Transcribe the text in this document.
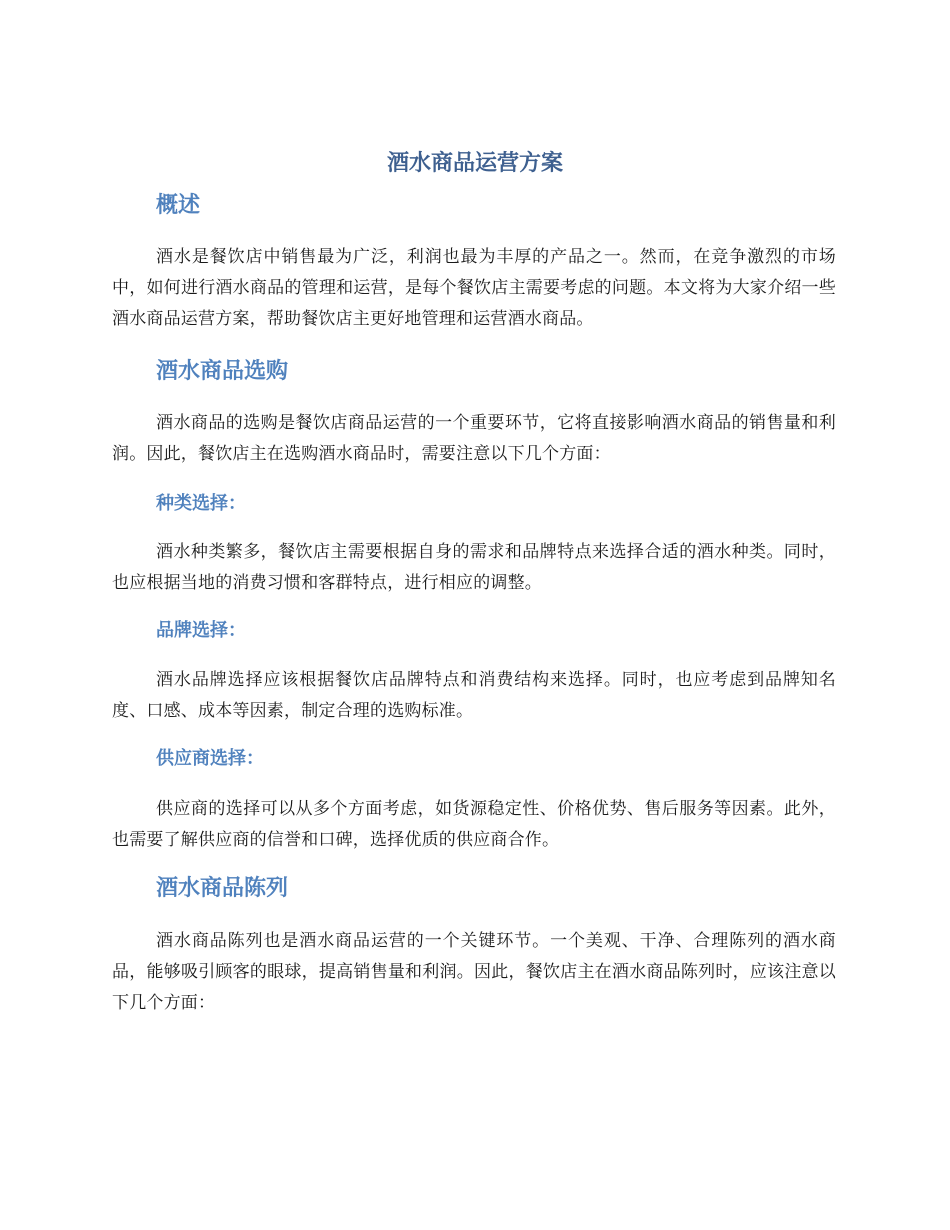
酒水商品运营方案
概述

酒水是餐饮店中销售最为广泛，利润也最为丰厚的产品之一。然而，在竞争激烈的市场中，如何进行酒水商品的管理和运营，是每个餐饮店主需要考虑的问题。本文将为大家介绍一些酒水商品运营方案，帮助餐饮店主更好地管理和运营酒水商品。

酒水商品选购

酒水商品的选购是餐饮店商品运营的一个重要环节，它将直接影响酒水商品的销售量和利润。因此，餐饮店主在选购酒水商品时，需要注意以下几个方面：

种类选择：

酒水种类繁多，餐饮店主需要根据自身的需求和品牌特点来选择合适的酒水种类。同时，也应根据当地的消费习惯和客群特点，进行相应的调整。

品牌选择：

酒水品牌选择应该根据餐饮店品牌特点和消费结构来选择。同时，也应考虑到品牌知名度、口感、成本等因素，制定合理的选购标准。

供应商选择：

供应商的选择可以从多个方面考虑，如货源稳定性、价格优势、售后服务等因素。此外，也需要了解供应商的信誉和口碑，选择优质的供应商合作。

酒水商品陈列

酒水商品陈列也是酒水商品运营的一个关键环节。一个美观、干净、合理陈列的酒水商品，能够吸引顾客的眼球，提高销售量和利润。因此，餐饮店主在酒水商品陈列时，应该注意以下几个方面：
